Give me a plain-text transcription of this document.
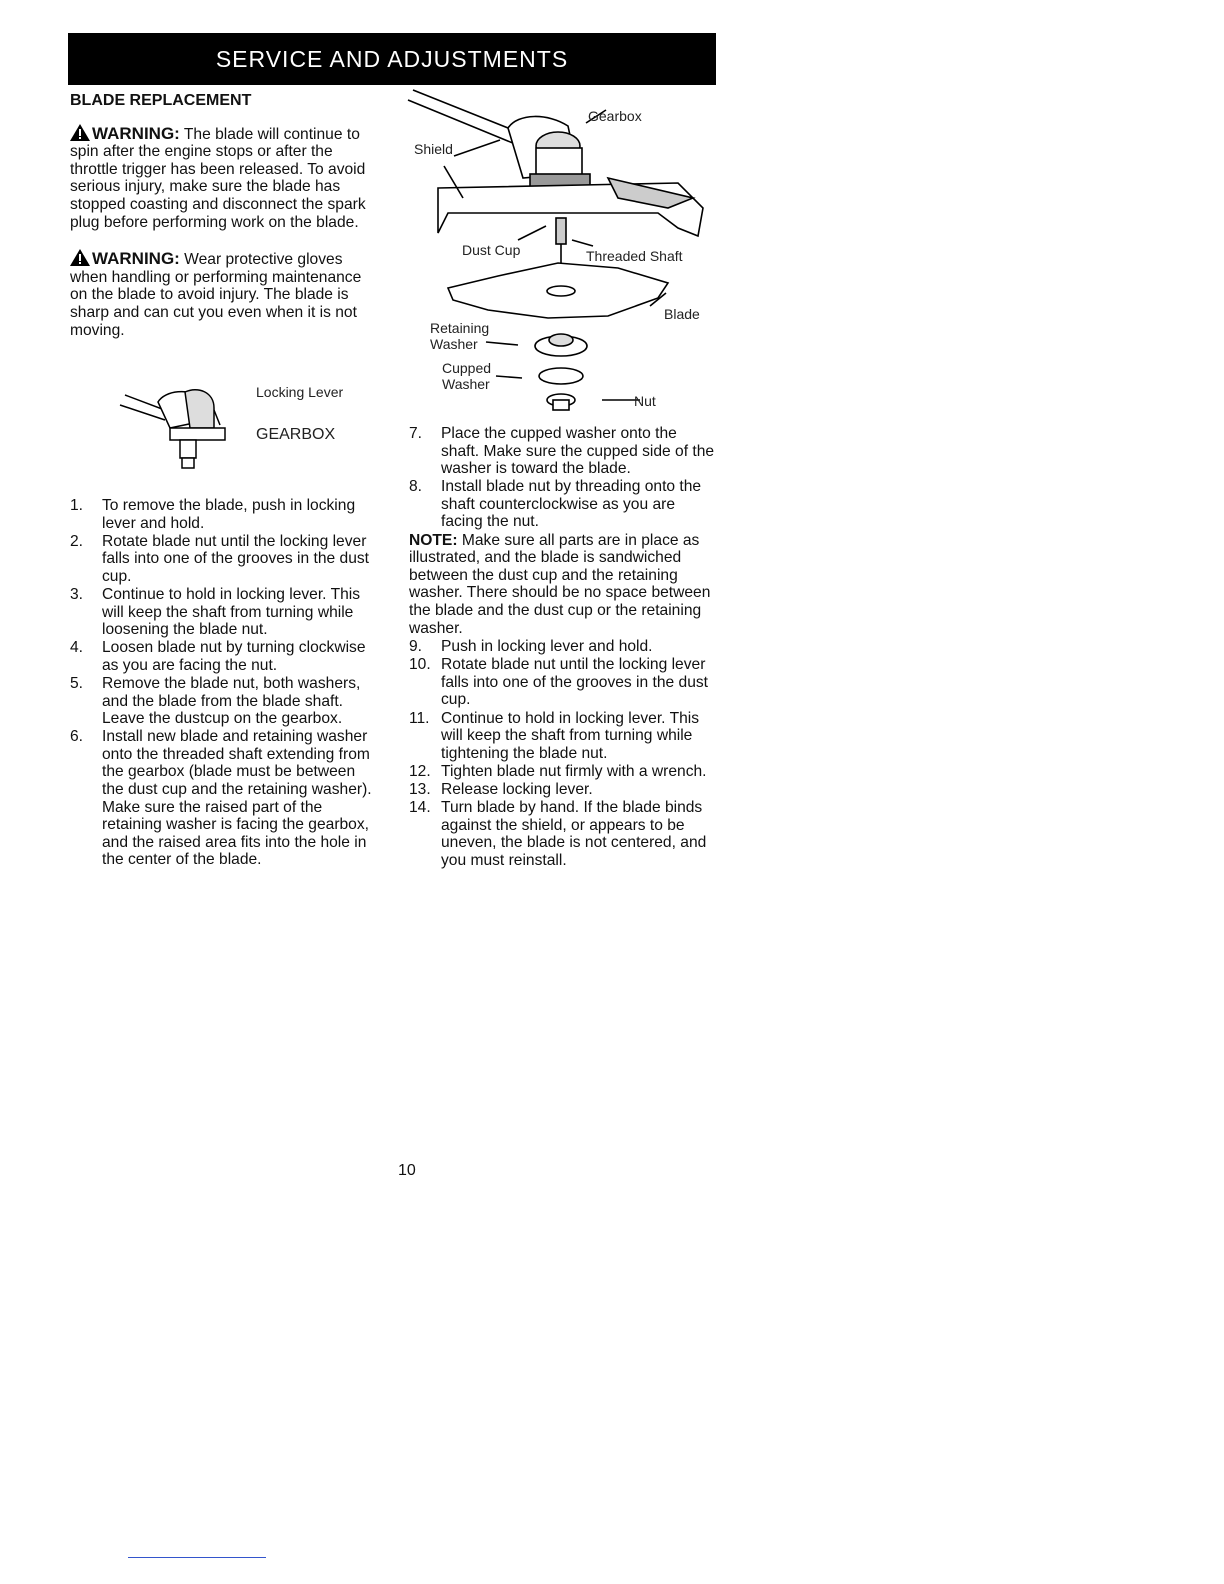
SERVICE AND ADJUSTMENTS
BLADE REPLACEMENT
WARNING: The blade will continue to spin after the engine stops or after the throttle trigger has been released. To avoid serious injury, make sure the blade has stopped coasting and disconnect the spark plug before performing work on the blade.
WARNING: Wear protective gloves when handling or performing maintenance on the blade to avoid injury. The blade is sharp and can cut you even when it is not moving.
Locking Lever
GEARBOX
1. To remove the blade, push in locking lever and hold.
2. Rotate blade nut until the locking lever falls into one of the grooves in the dust cup.
3. Continue to hold in locking lever. This will keep the shaft from turning while loosening the blade nut.
4. Loosen blade nut by turning clockwise as you are facing the nut.
5. Remove the blade nut, both washers, and the blade from the blade shaft. Leave the dustcup on the gearbox.
6. Install new blade and retaining washer onto the threaded shaft extending from the gearbox (blade must be between the dust cup and the retaining washer). Make sure the raised part of the retaining washer is facing the gearbox, and the raised area fits into the hole in the center of the blade.
Gearbox
Shield
Dust Cup	Threaded Shaft
Blade
Retaining
Washer
Cupped
Washer
Nut
7. Place the cupped washer onto the shaft. Make sure the cupped side of the washer is toward the blade.
8. Install blade nut by threading onto the shaft counterclockwise as you are facing the nut.
NOTE: Make sure all parts are in place as illustrated, and the blade is sandwiched between the dust cup and the retaining washer. There should be no space between the blade and the dust cup or the retaining washer.
9. Push in locking lever and hold.
10. Rotate blade nut until the locking lever falls into one of the grooves in the dust cup.
11. Continue to hold in locking lever. This will keep the shaft from turning while tightening the blade nut.
12. Tighten blade nut firmly with a wrench.
13. Release locking lever.
14. Turn blade by hand. If the blade binds against the shield, or appears to be uneven, the blade is not centered, and you must reinstall.
10
